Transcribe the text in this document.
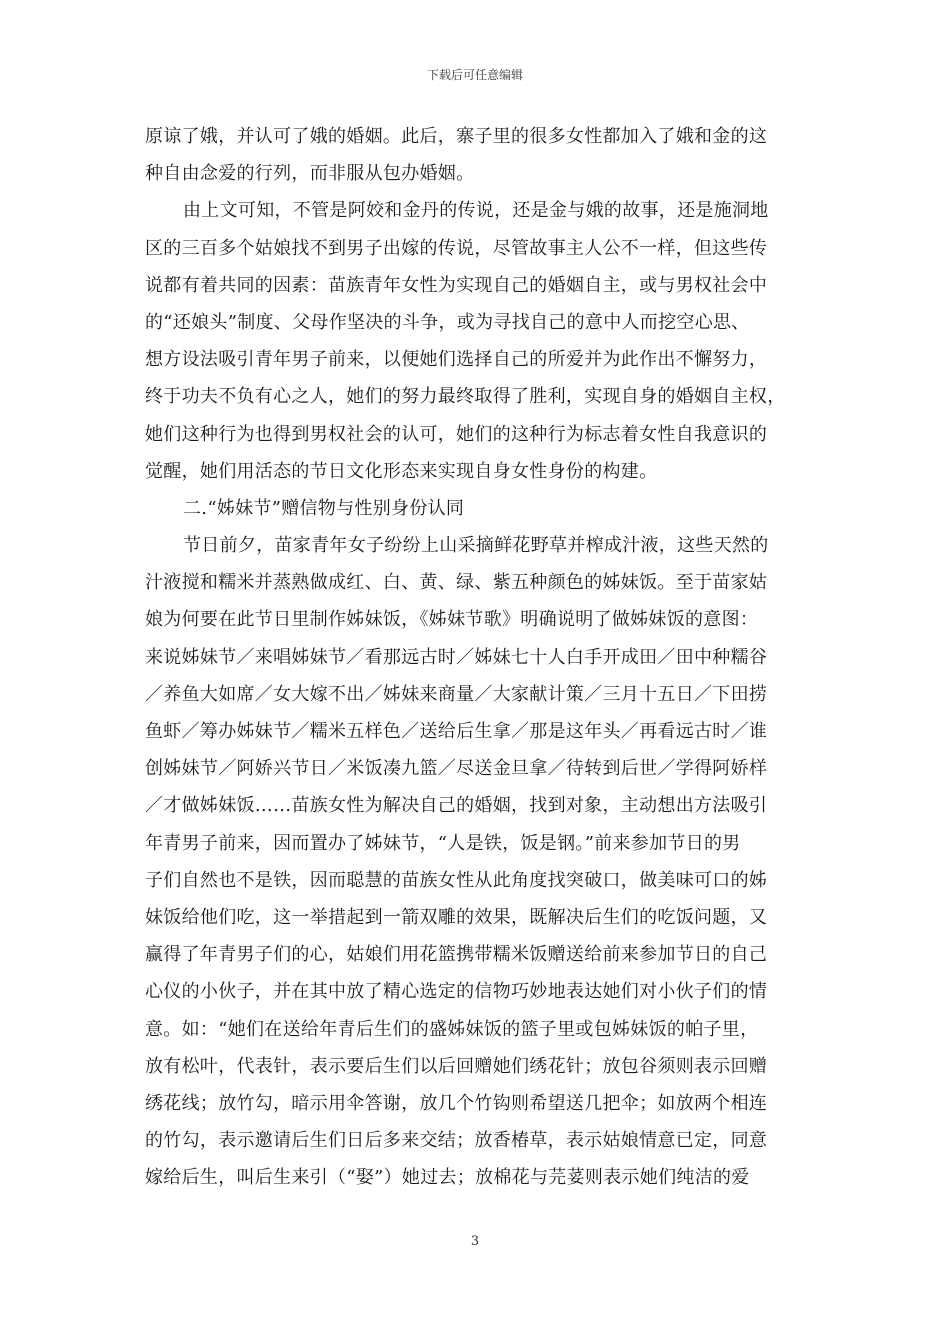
下载后可任意编辑
原谅了娥，并认可了娥的婚姻。此后，寨子里的很多女性都加入了娥和金的这
种自由念爱的行列，而非服从包办婚姻。
由上文可知，不管是阿姣和金丹的传说，还是金与娥的故事，还是施洞地
区的三百多个姑娘找不到男子出嫁的传说，尽管故事主人公不一样，但这些传
说都有着共同的因素：苗族青年女性为实现自己的婚姻自主，或与男权社会中
的“还娘头”制度、父母作坚决的斗争，或为寻找自己的意中人而挖空心思、
想方设法吸引青年男子前来，以便她们选择自己的所爱并为此作出不懈努力，
终于功夫不负有心之人，她们的努力最终取得了胜利，实现自身的婚姻自主权，
她们这种行为也得到男权社会的认可，她们的这种行为标志着女性自我意识的
觉醒，她们用活态的节日文化形态来实现自身女性身份的构建。
二.“姊妹节”赠信物与性别身份认同
节日前夕，苗家青年女子纷纷上山采摘鲜花野草并榨成汁液，这些天然的
汁液搅和糯米并蒸熟做成红、白、黄、绿、紫五种颜色的姊妹饭。至于苗家姑
娘为何要在此节日里制作姊妹饭，《姊妹节歌》明确说明了做姊妹饭的意图：
来说姊妹节／来唱姊妹节／看那远古时／姊妹七十人白手开成田／田中种糯谷
／养鱼大如席／女大嫁不出／姊妹来商量／大家献计策／三月十五日／下田捞
鱼虾／筹办姊妹节／糯米五样色／送给后生拿／那是这年头／再看远古时／谁
创姊妹节／阿娇兴节日／米饭凑九篮／尽送金旦拿／待转到后世／学得阿娇样
／才做姊妹饭……苗族女性为解决自己的婚姻，找到对象，主动想出方法吸引
年青男子前来，因而置办了姊妹节，“人是铁，饭是钢。”前来参加节日的男
子们自然也不是铁，因而聪慧的苗族女性从此角度找突破口，做美味可口的姊
妹饭给他们吃，这一举措起到一箭双雕的效果，既解决后生们的吃饭问题，又
赢得了年青男子们的心，姑娘们用花篮携带糯米饭赠送给前来参加节日的自己
心仪的小伙子，并在其中放了精心选定的信物巧妙地表达她们对小伙子们的情
意。如：“她们在送给年青后生们的盛姊妹饭的篮子里或包姊妹饭的帕子里，
放有松叶，代表针，表示要后生们以后回赠她们绣花针；放包谷须则表示回赠
绣花线；放竹勾，暗示用伞答谢，放几个竹钩则希望送几把伞；如放两个相连
的竹勾，表示邀请后生们日后多来交结；放香椿草，表示姑娘情意已定，同意
嫁给后生，叫后生来引（“娶”）她过去；放棉花与芫荽则表示她们纯洁的爱
3
